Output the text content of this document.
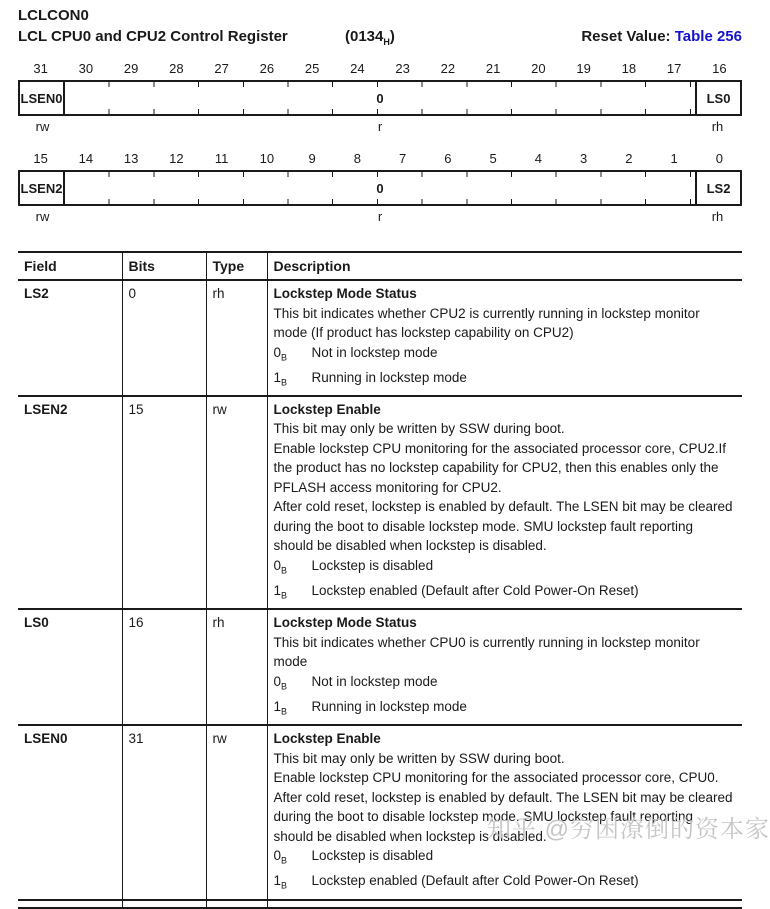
LCLCON0
LCL CPU0 and CPU2 Control Register	$(0134_H)$	Reset Value: Table 256
31	30	29	28	27	26	25	24	23	22	21	20	19	18	17	16
LSEN0	0	LS0
rw	r	rh
15	14	13	12	11	10	9	8	7	6	5	4	3	2	1	0
LSEN2	0	LS2
rw	r	rh
Field	Bits	Type	Description
LS2	0	rh	Lockstep Mode Status
This bit indicates whether CPU2 is currently running in lockstep monitor mode (If product has lockstep capability on CPU2)
$0_B$	Not in lockstep mode
$1_B$	Running in lockstep mode

LSEN2	15	rw	Lockstep Enable
This bit may only be written by SSW during boot.
Enable lockstep CPU monitoring for the associated processor core, CPU2.If the product has no lockstep capability for CPU2, then this enables only the PFLASH access monitoring for CPU2.
After cold reset, lockstep is enabled by default. The LSEN bit may be cleared during the boot to disable lockstep mode. SMU lockstep fault reporting should be disabled when lockstep is disabled.
$0_B$	Lockstep is disabled
$1_B$	Lockstep enabled (Default after Cold Power-On Reset)

LS0	16	rh	Lockstep Mode Status
This bit indicates whether CPU0 is currently running in lockstep monitor mode
$0_B$	Not in lockstep mode
$1_B$	Running in lockstep mode

LSEN0	31	rw	Lockstep Enable
This bit may only be written by SSW during boot.
Enable lockstep CPU monitoring for the associated processor core, CPU0.
After cold reset, lockstep is enabled by default. The LSEN bit may be cleared during the boot to disable lockstep mode. SMU lockstep fault reporting should be disabled when lockstep is disabled.
$0_B$	Lockstep is disabled
$1_B$	Lockstep enabled (Default after Cold Power-On Reset)

知乎 @穷困潦倒的资本家
